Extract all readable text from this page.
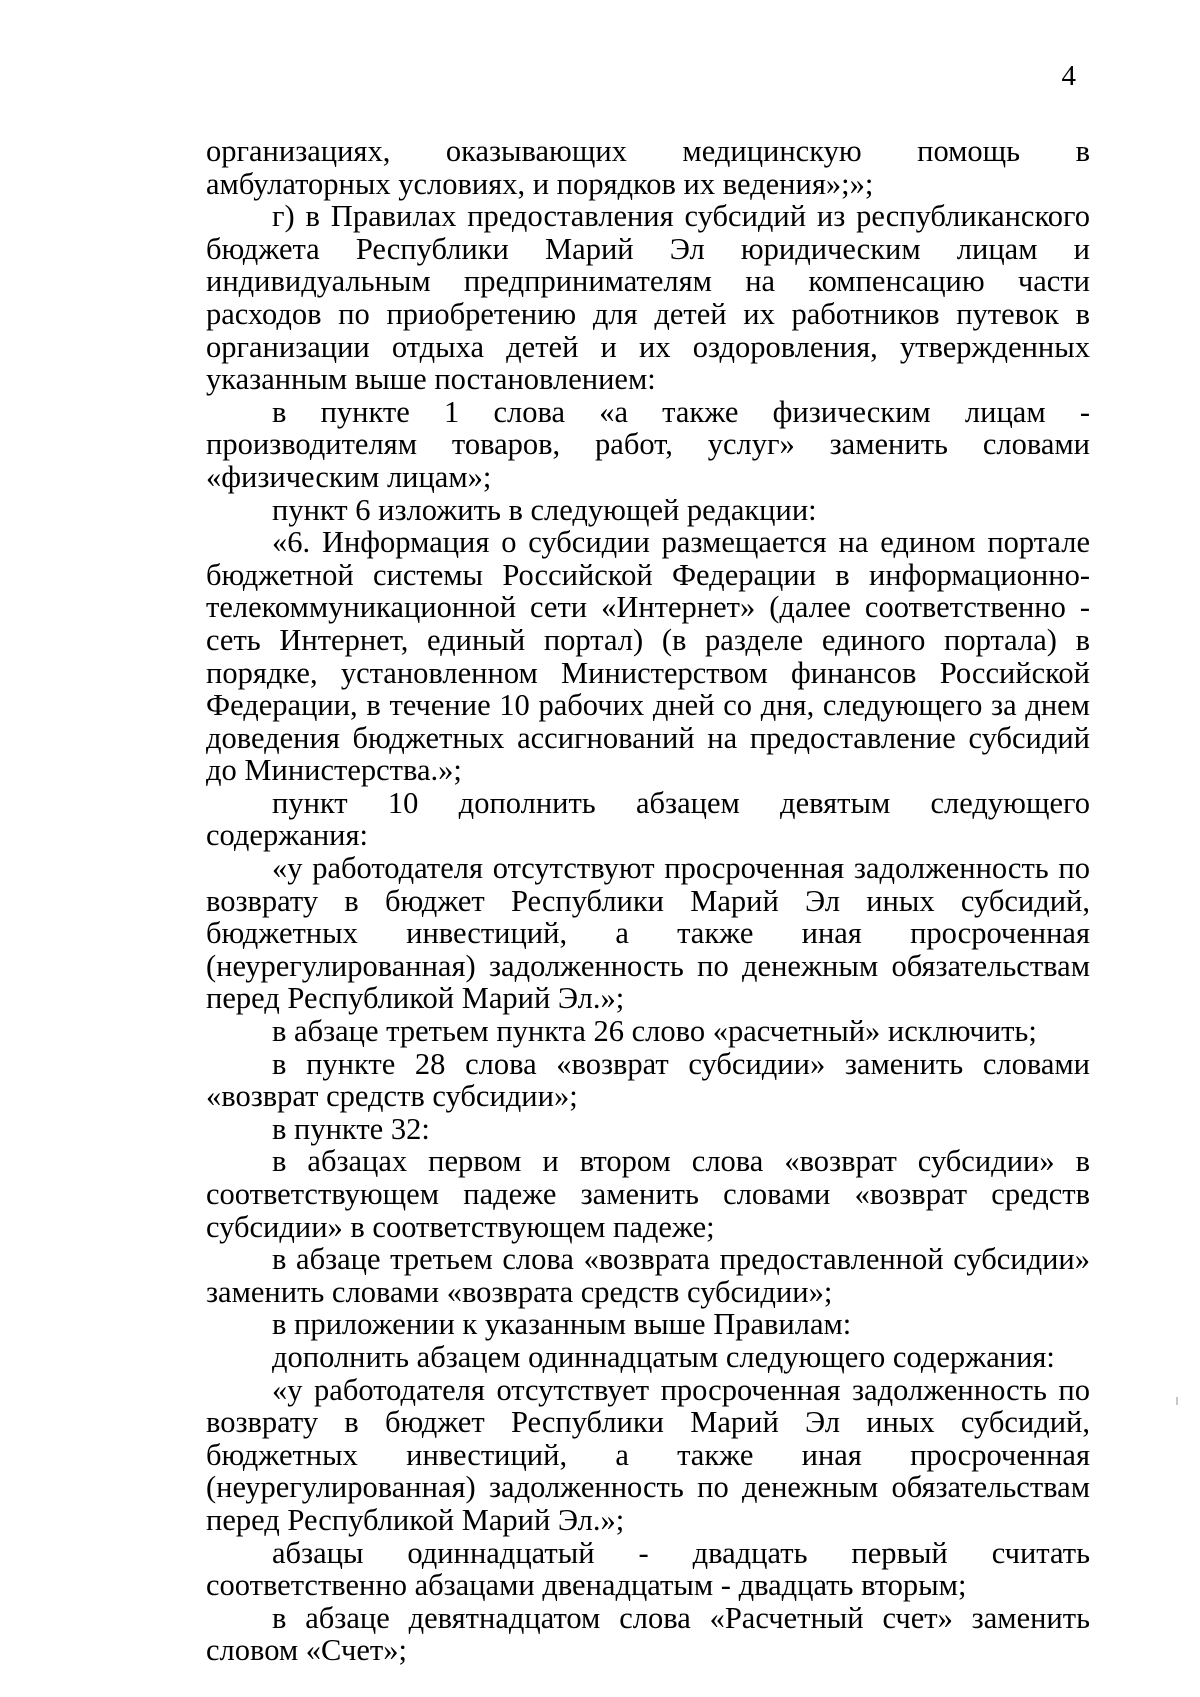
4

организациях, оказывающих медицинскую помощь в амбулаторных условиях, и порядков их ведения»;»;

г) в Правилах предоставления субсидий из республиканского бюджета Республики Марий Эл юридическим лицам и индивидуальным предпринимателям на компенсацию части расходов по приобретению для детей их работников путевок в организации отдыха детей и их оздоровления, утвержденных указанным выше постановлением:

в пункте 1 слова «а также физическим лицам - производителям товаров, работ, услуг» заменить словами «физическим лицам»;

пункт 6 изложить в следующей редакции:

«6. Информация о субсидии размещается на едином портале бюджетной системы Российской Федерации в информационно-телекоммуникационной сети «Интернет» (далее соответственно - сеть Интернет, единый портал) (в разделе единого портала) в порядке, установленном Министерством финансов Российской Федерации, в течение 10 рабочих дней со дня, следующего за днем доведения бюджетных ассигнований на предоставление субсидий до Министерства.»;

пункт 10 дополнить абзацем девятым следующего содержания:

«у работодателя отсутствуют просроченная задолженность по возврату в бюджет Республики Марий Эл иных субсидий, бюджетных инвестиций, а также иная просроченная (неурегулированная) задолженность по денежным обязательствам перед Республикой Марий Эл.»;

в абзаце третьем пункта 26 слово «расчетный» исключить;

в пункте 28 слова «возврат субсидии» заменить словами «возврат средств субсидии»;

в пункте 32:

в абзацах первом и втором слова «возврат субсидии» в соответствующем падеже заменить словами «возврат средств субсидии» в соответствующем падеже;

в абзаце третьем слова «возврата предоставленной субсидии» заменить словами «возврата средств субсидии»;

в приложении к указанным выше Правилам:

дополнить абзацем одиннадцатым следующего содержания:

«у работодателя отсутствует просроченная задолженность по возврату в бюджет Республики Марий Эл иных субсидий, бюджетных инвестиций, а также иная просроченная (неурегулированная) задолженность по денежным обязательствам перед Республикой Марий Эл.»;

абзацы одиннадцатый - двадцать первый считать соответственно абзацами двенадцатым - двадцать вторым;

в абзаце девятнадцатом слова «Расчетный счет» заменить словом «Счет»;
